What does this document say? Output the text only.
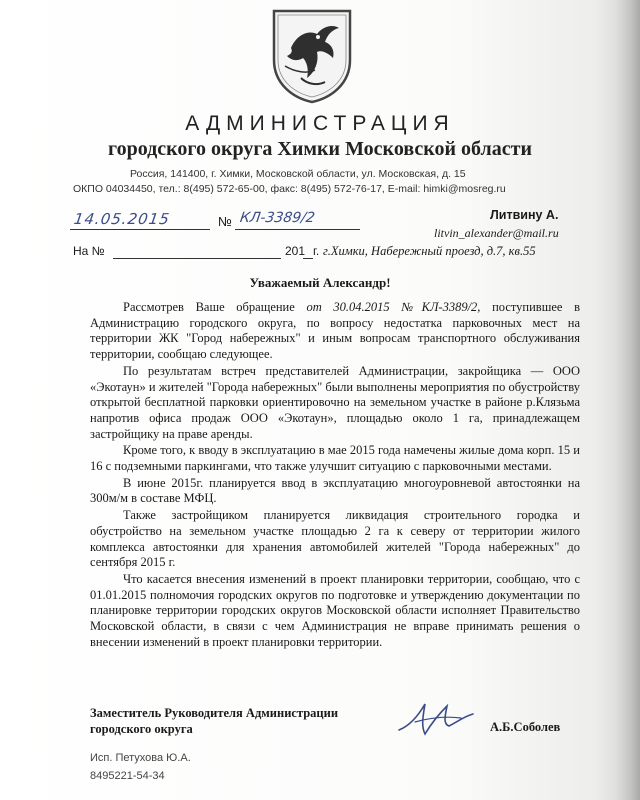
АДМИНИСТРАЦИЯ
городского округа Химки Московской области
Россия, 141400, г. Химки, Московской области, ул. Московская, д. 15
ОКПО 04034450, тел.: 8(495) 572-65-00, факс: 8(495) 572-76-17, E-mail: himki@mosreg.ru
14.05.2015	№ КЛ-3389/2	Литвину А.
litvin_alexander@mail.ru
На №	201 г. г.Химки, Набережный проезд, д.7, кв.55
Уважаемый Александр!

Рассмотрев Ваше обращение от 30.04.2015 №КЛ-3389/2, поступившее в Администрацию городского округа, по вопросу недостатка парковочных мест на территории ЖК "Город набережных" и иным вопросам транспортного обслуживания территории, сообщаю следующее.

По результатам встреч представителей Администрации, закройщика — ООО «Экотаун» и жителей "Города набережных" были выполнены мероприятия по обустройству открытой бесплатной парковки ориентировочно на земельном участке в районе р.Клязьма напротив офиса продаж ООО «Экотаун», площадью около 1 га, принадлежащем застройщику на праве аренды.

Кроме того, к вводу в эксплуатацию в мае 2015 года намечены жилые дома корп. 15 и 16 с подземными паркингами, что также улучшит ситуацию с парковочными местами.

В июне 2015г. планируется ввод в эксплуатацию многоуровневой автостоянки на 300м/м в составе МФЦ.

Также застройщиком планируется ликвидация строительного городка и обустройство на земельном участке площадью 2 га к северу от территории жилого комплекса автостоянки для хранения автомобилей жителей "Города набережных" до сентября 2015 г.

Что касается внесения изменений в проект планировки территории, сообщаю, что с 01.01.2015 полномочия городских округов по подготовке и утверждению документации по планировке территории городских округов Московской области исполняет Правительство Московской области, в связи с чем Администрация не вправе принимать решения о внесении изменений в проект планировки территории.

Заместитель Руководителя Администрации
городского округа	А.Б.Соболев
Исп. Петухова Ю.А.
8495221-54-34
